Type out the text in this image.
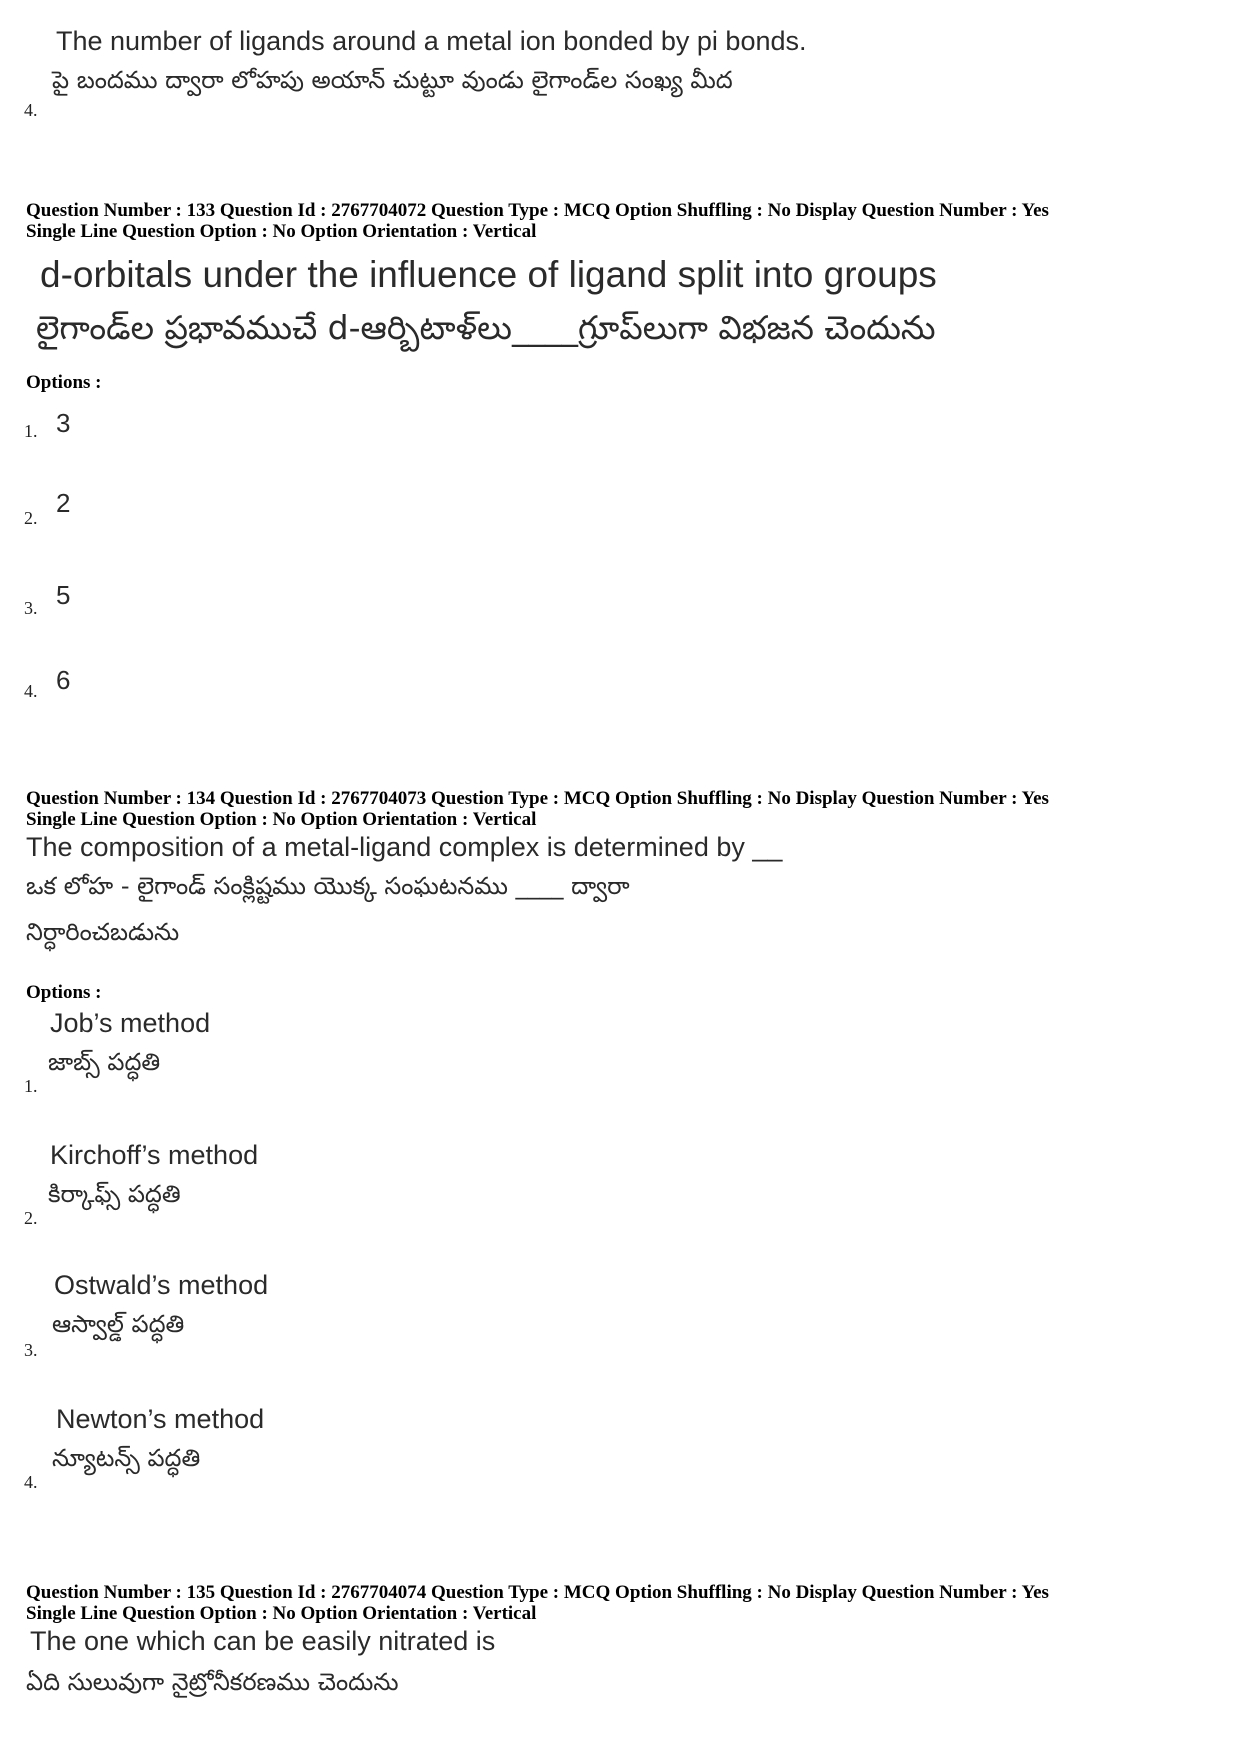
The number of ligands around a metal ion bonded by pi bonds.
పై బందము ద్వారా లోహపు అయాన్ చుట్టూ వుండు లైగాండ్‌ల సంఖ్య మీద
4.
Question Number : 133 Question Id : 2767704072 Question Type : MCQ Option Shuffling : No Display Question Number : Yes
Single Line Question Option : No Option Orientation : Vertical
d-orbitals under the influence of ligand split into groups
లైగాండ్‌ల ప్రభావముచే d-ఆర్బిటాళ్‌లు____గ్రూప్‌లుగా విభజన చెందును
Options :
1. 3
2. 2
3. 5
4. 6
Question Number : 134 Question Id : 2767704073 Question Type : MCQ Option Shuffling : No Display Question Number : Yes
Single Line Question Option : No Option Orientation : Vertical
The composition of a metal-ligand complex is determined by __
ఒక లోహ - లైగాండ్ సంక్లిష్టము యొక్క సంఘటనము ____ ద్వారా
నిర్ధారించబడును
Options :
Job’s method
జాబ్స్ పద్ధతి
1.
Kirchoff’s method
కిర్కాఫ్స్ పద్ధతి
2.
Ostwald’s method
ఆస్వాల్డ్ పద్ధతి
3.
Newton’s method
న్యూటన్స్ పద్ధతి
4.
Question Number : 135 Question Id : 2767704074 Question Type : MCQ Option Shuffling : No Display Question Number : Yes
Single Line Question Option : No Option Orientation : Vertical
The one which can be easily nitrated is
ఏది సులువుగా నైట్రోనీకరణము చెందును
